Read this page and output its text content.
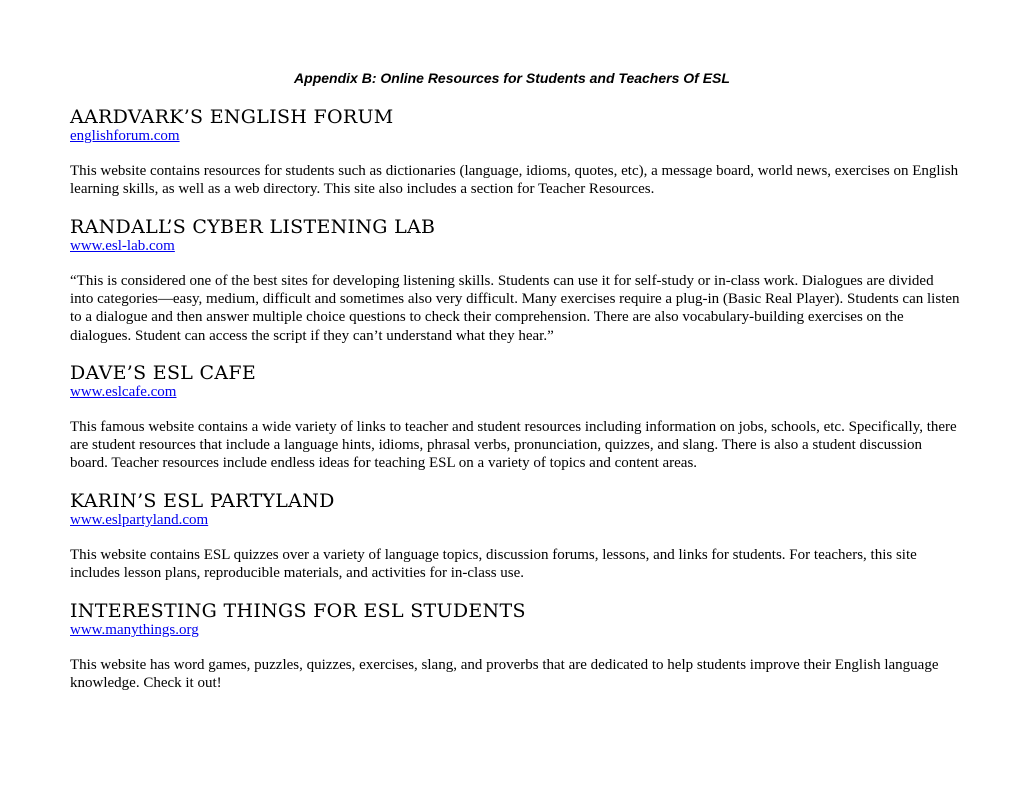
Appendix B: Online Resources for Students and Teachers Of ESL
AARDVARK’S ENGLISH FORUM
englishforum.com

This website contains resources for students such as dictionaries (language, idioms, quotes, etc), a message board, world news, exercises on English learning skills, as well as a web directory. This site also includes a section for Teacher Resources.

RANDALL’S CYBER LISTENING LAB
www.esl-lab.com

“This is considered one of the best sites for developing listening skills. Students can use it for self-study or in-class work. Dialogues are divided into categories—easy, medium, difficult and sometimes also very difficult. Many exercises require a plug-in (Basic Real Player). Students can listen to a dialogue and then answer multiple choice questions to check their comprehension. There are also vocabulary-building exercises on the dialogues. Student can access the script if they can’t understand what they hear.”

DAVE’S ESL CAFE
www.eslcafe.com

This famous website contains a wide variety of links to teacher and student resources including information on jobs, schools, etc. Specifically, there are student resources that include a language hints, idioms, phrasal verbs, pronunciation, quizzes, and slang. There is also a student discussion board. Teacher resources include endless ideas for teaching ESL on a variety of topics and content areas.

KARIN’S ESL PARTYLAND
www.eslpartyland.com

This website contains ESL quizzes over a variety of language topics, discussion forums, lessons, and links for students. For teachers, this site includes lesson plans, reproducible materials, and activities for in-class use.

INTERESTING THINGS FOR ESL STUDENTS
www.manythings.org

This website has word games, puzzles, quizzes, exercises, slang, and proverbs that are dedicated to help students improve their English language knowledge. Check it out!
